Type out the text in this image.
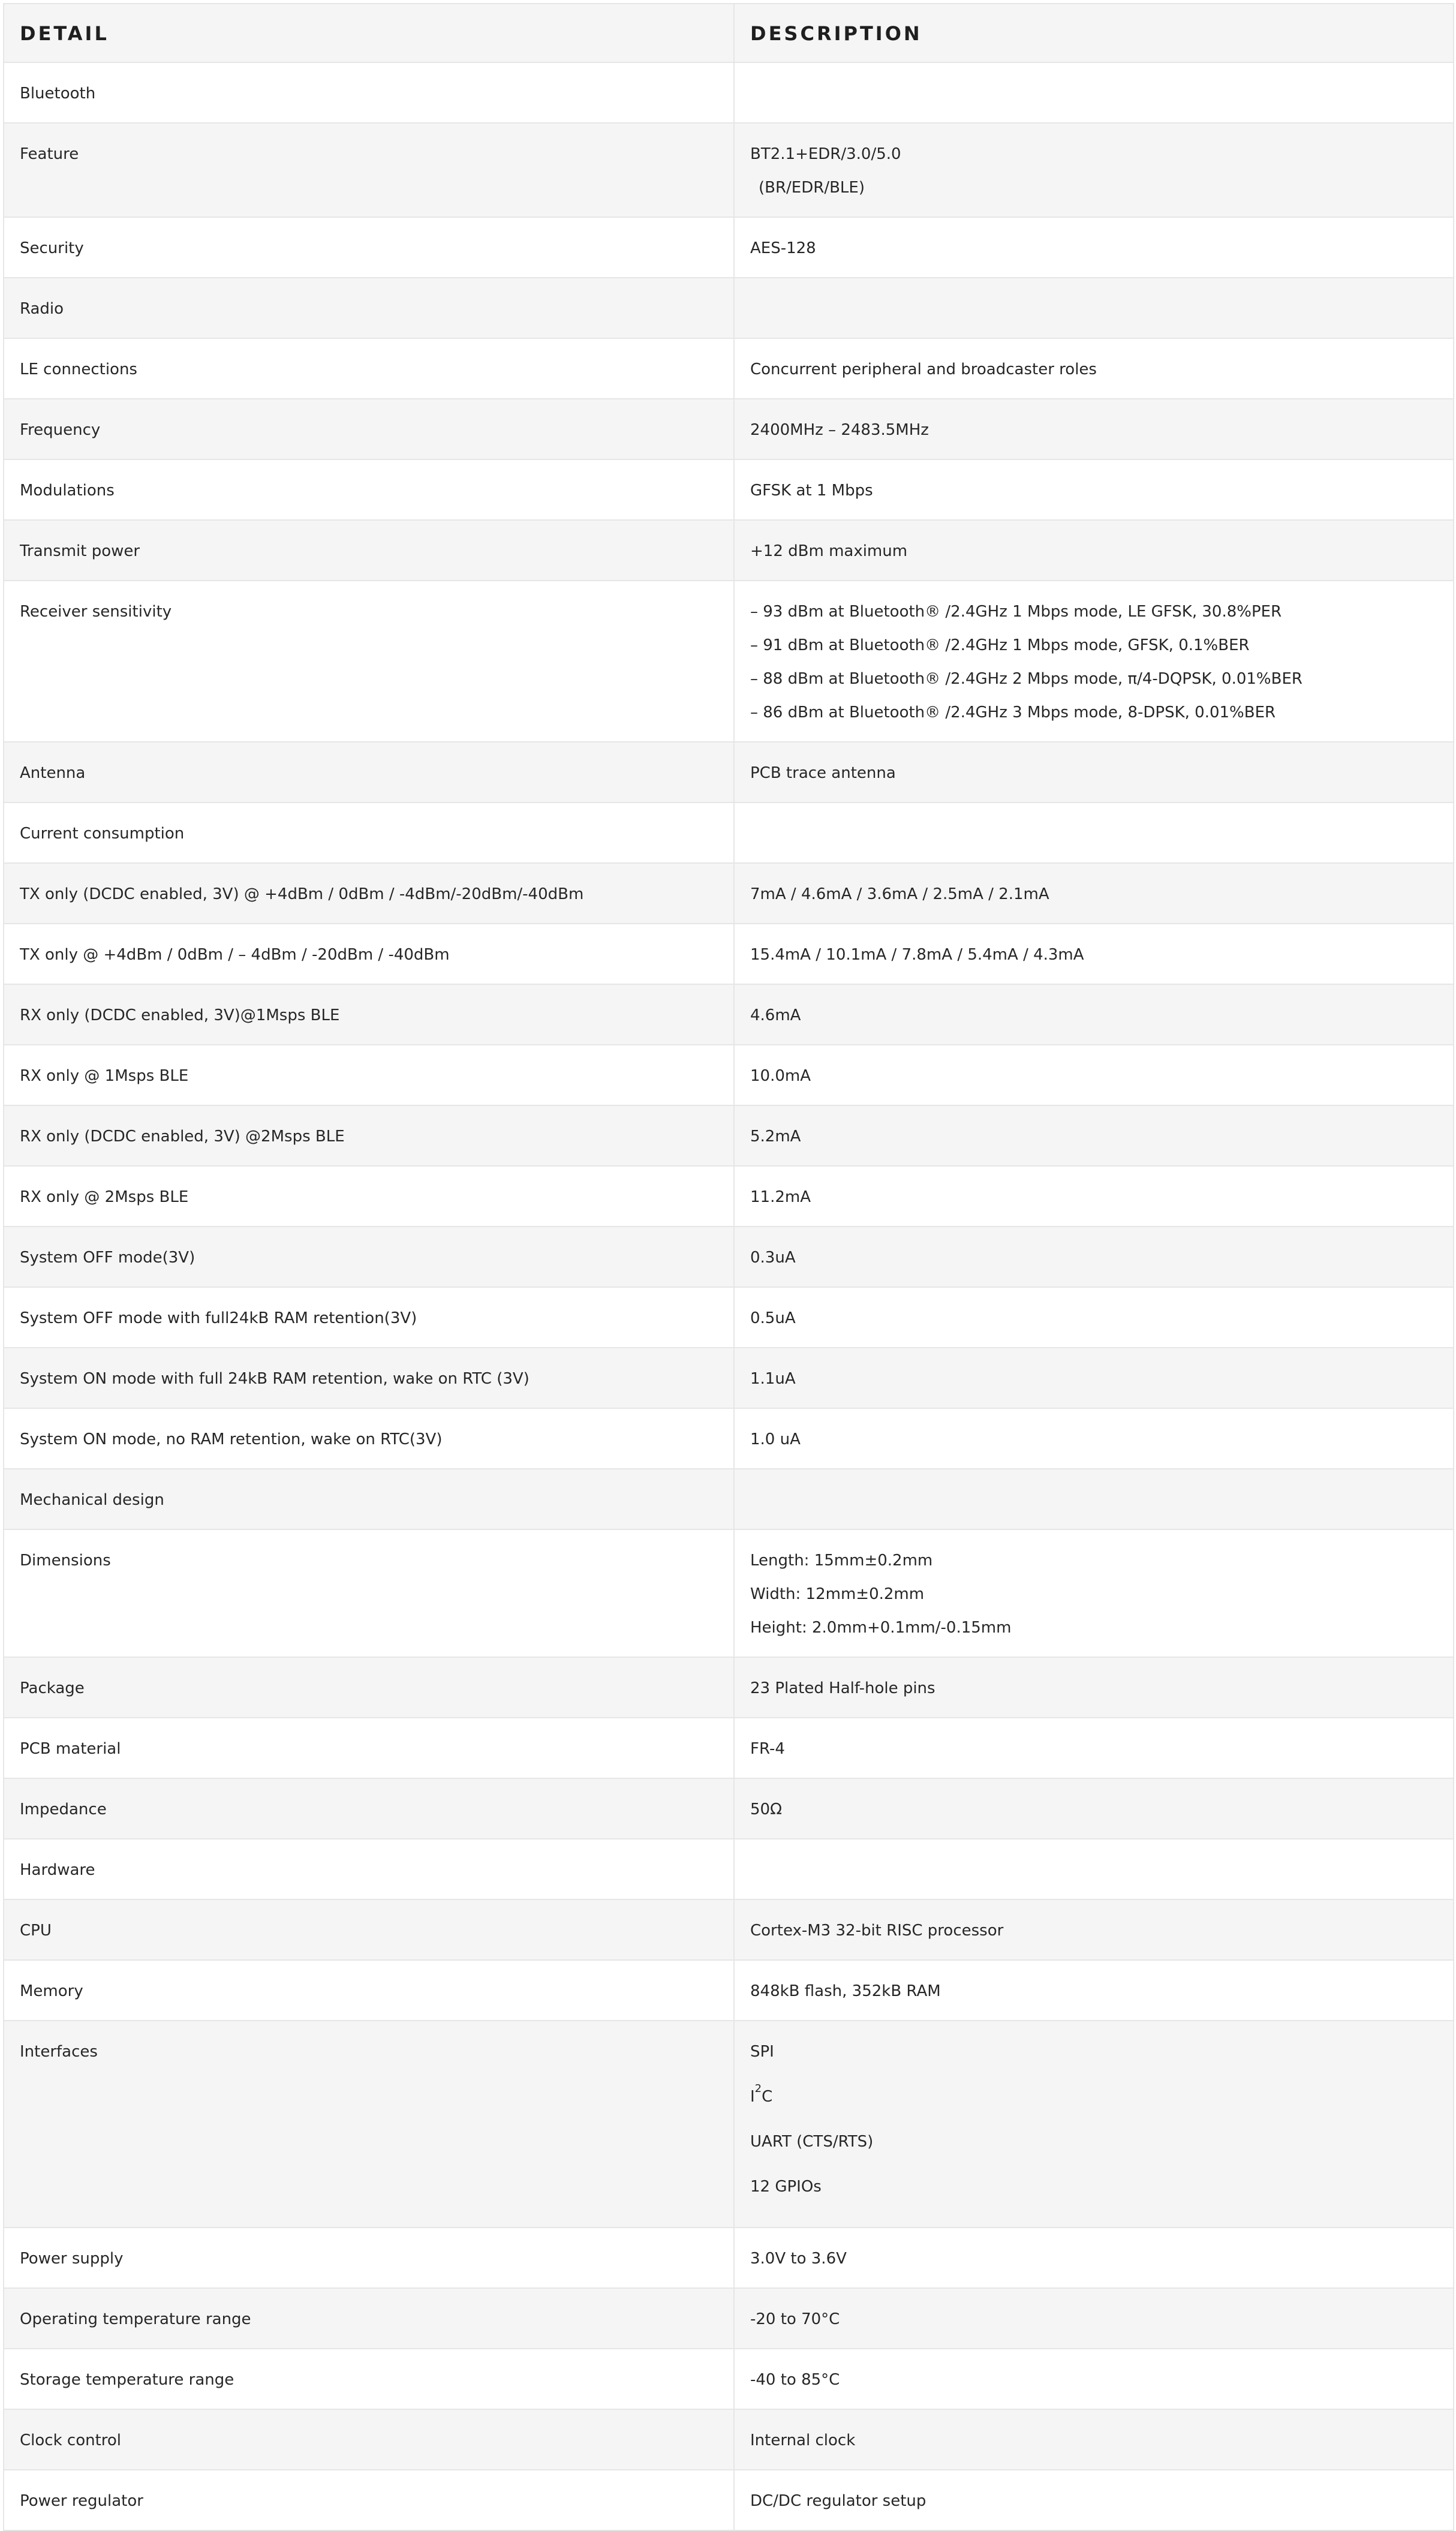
DETAIL	DESCRIPTION
Bluetooth	
Feature	BT2.1+EDR/3.0/5.0
(BR/EDR/BLE)

Security	AES-128

Radio	
LE connections	Concurrent peripheral and broadcaster roles

Frequency	2400MHz – 2483.5MHz

Modulations	GFSK at 1 Mbps

Transmit power	+12 dBm maximum

Receiver sensitivity	– 93 dBm at Bluetooth® /2.4GHz 1 Mbps mode, LE GFSK, 30.8%PER
– 91 dBm at Bluetooth® /2.4GHz 1 Mbps mode, GFSK, 0.1%BER
– 88 dBm at Bluetooth® /2.4GHz 2 Mbps mode, π/4-DQPSK, 0.01%BER
– 86 dBm at Bluetooth® /2.4GHz 3 Mbps mode, 8-DPSK, 0.01%BER

Antenna	PCB trace antenna

Current consumption	
TX only (DCDC enabled, 3V) @ +4dBm / 0dBm / -4dBm/-20dBm/-40dBm	7mA / 4.6mA / 3.6mA / 2.5mA / 2.1mA

TX only @ +4dBm / 0dBm / – 4dBm / -20dBm / -40dBm	15.4mA / 10.1mA / 7.8mA / 5.4mA / 4.3mA

RX only (DCDC enabled, 3V)@1Msps BLE	4.6mA

RX only @ 1Msps BLE	10.0mA

RX only (DCDC enabled, 3V) @2Msps BLE	5.2mA

RX only @ 2Msps BLE	11.2mA

System OFF mode(3V)	0.3uA

System OFF mode with full24kB RAM retention(3V)	0.5uA

System ON mode with full 24kB RAM retention, wake on RTC (3V)	1.1uA

System ON mode, no RAM retention, wake on RTC(3V)	1.0 uA

Mechanical design	
Dimensions	Length: 15mm±0.2mm
Width: 12mm±0.2mm
Height: 2.0mm+0.1mm/-0.15mm

Package	23 Plated Half-hole pins

PCB material	FR-4

Impedance	50Ω

Hardware	
CPU	Cortex-M3 32-bit RISC processor

Memory	848kB flash, 352kB RAM

Interfaces	SPI
$I^2C$
UART (CTS/RTS)
12 GPIOs

Power supply	3.0V to 3.6V

Operating temperature range	-20 to 70°C

Storage temperature range	-40 to 85°C

Clock control	Internal clock

Power regulator	DC/DC regulator setup
